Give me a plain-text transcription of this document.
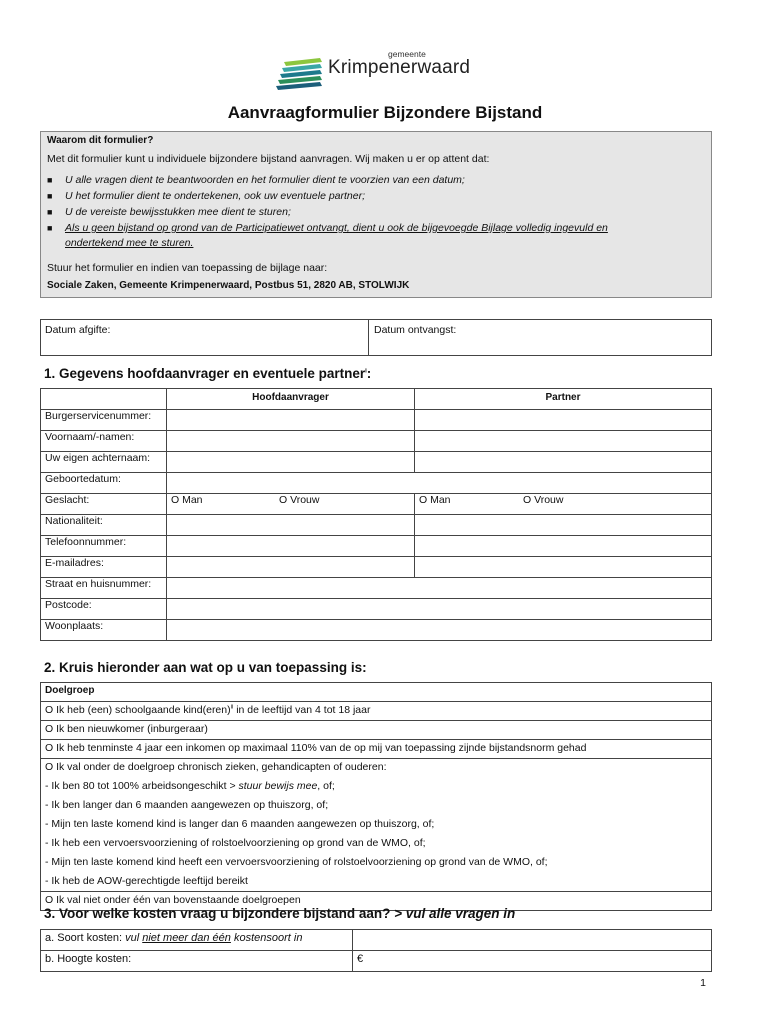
gemeente
Krimpenerwaard
Aanvraagformulier Bijzondere Bijstand
Waarom dit formulier?
Met dit formulier kunt u individuele bijzondere bijstand aanvragen. Wij maken u er op attent dat:
■ U alle vragen dient te beantwoorden en het formulier dient te voorzien van een datum;
■ U het formulier dient te ondertekenen, ook uw eventuele partner;
■ U de vereiste bewijsstukken mee dient te sturen;
■ Als u geen bijstand op grond van de Participatiewet ontvangt, dient u ook de bijgevoegde Bijlage volledig ingevuld en
ondertekend mee te sturen.
Stuur het formulier en indien van toepassing de bijlage naar:
Sociale Zaken, Gemeente Krimpenerwaard, Postbus 51, 2820 AB, STOLWIJK
Datum afgifte:	Datum ontvangst:
1. Gegevens hoofdaanvrager en eventuele partner$^i$:
	Hoofdaanvrager	Partner
Burgerservicenummer:		
Voornaam/-namen:		
Uw eigen achternaam:		
Geboortedatum:		
Geslacht:	O Man O Vrouw	O Man O Vrouw

Nationaliteit:		
Telefoonnummer:		
E-mailadres:		
Straat en huisnummer:		
Postcode:		
Woonplaats:		
2. Kruis hieronder aan wat op u van toepassing is:
Doelgroep
O Ik heb (een) schoolgaande kind(eren)$^{ii}$ in de leeftijd van 4 tot 18 jaar
O Ik ben nieuwkomer (inburgeraar)
O Ik heb tenminste 4 jaar een inkomen op maximaal 110% van de op mij van toepassing zijnde bijstandsnorm gehad
O Ik val onder de doelgroep chronisch zieken, gehandicapten of ouderen:
- Ik ben 80 tot 100% arbeidsongeschikt > stuur bewijs mee, of;
- Ik ben langer dan 6 maanden aangewezen op thuiszorg, of;
- Mijn ten laste komend kind is langer dan 6 maanden aangewezen op thuiszorg, of;
- Ik heb een vervoersvoorziening of rolstoelvoorziening op grond van de WMO, of;
- Mijn ten laste komend kind heeft een vervoersvoorziening of rolstoelvoorziening op grond van de WMO, of;
- Ik heb de AOW-gerechtigde leeftijd bereikt
O Ik val niet onder één van bovenstaande doelgroepen
3. Voor welke kosten vraag u bijzondere bijstand aan? > vul alle vragen in
a. Soort kosten: vul niet meer dan één kostensoort in	
b. Hoogte kosten:	€
1
